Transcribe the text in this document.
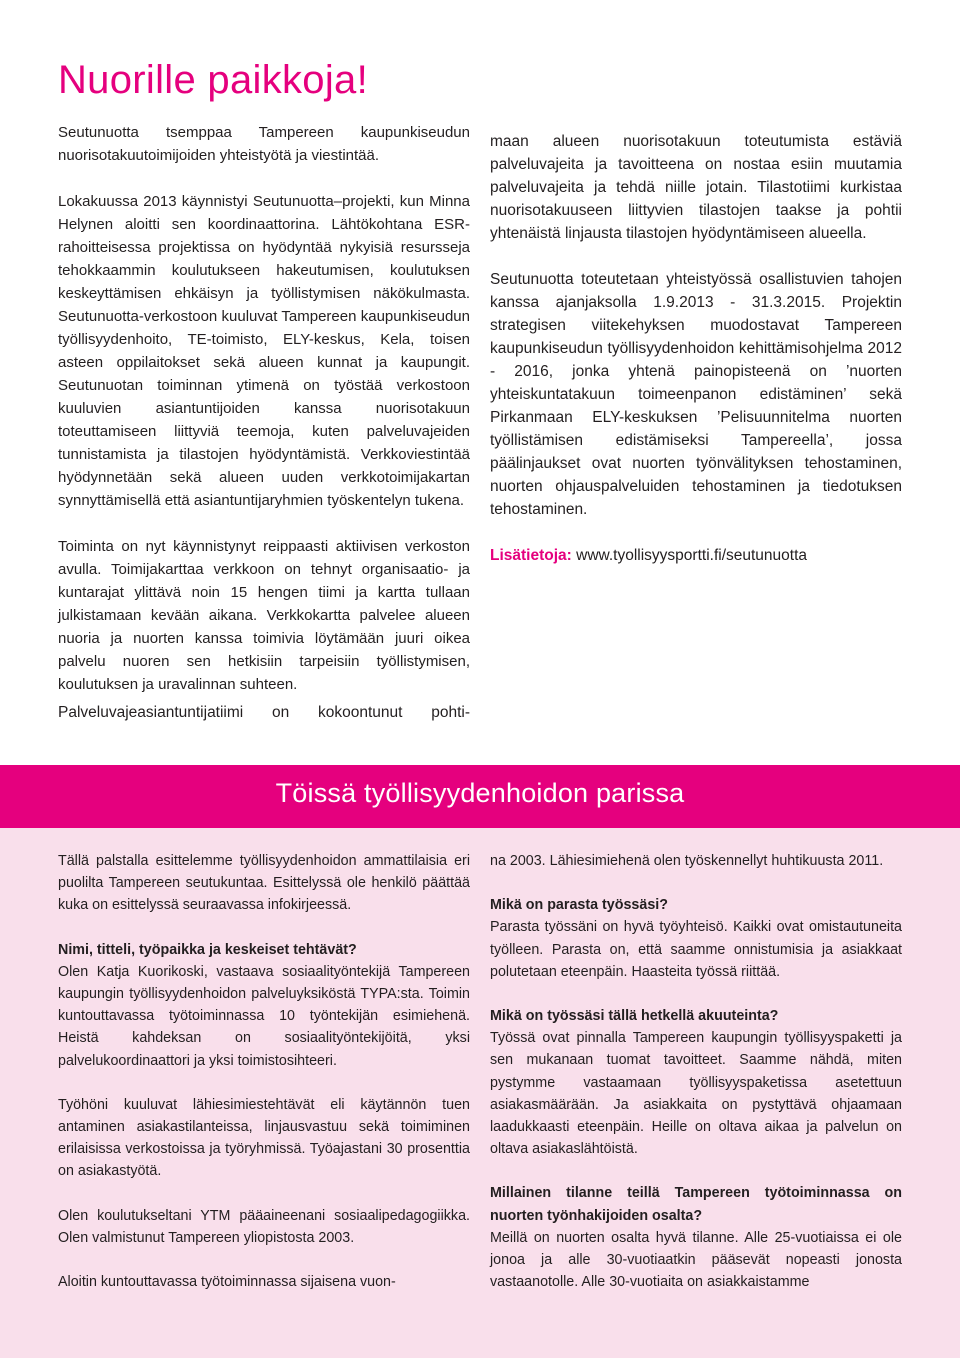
Nuorille paikkoja!

Seutunuotta tsemppaa Tampereen kaupunkiseudun nuorisotakuutoimijoiden yhteistyötä ja viestintää.

Lokakuussa 2013 käynnistyi Seutunuotta–projekti, kun Minna Helynen aloitti sen koordinaattorina. Lähtökohtana ESR-rahoitteisessa projektissa on hyödyntää nykyisiä resursseja tehokkaammin koulutukseen hakeutumisen, koulutuksen keskeyttämisen ehkäisyn ja työllistymisen näkökulmasta. Seutunuotta-verkostoon kuuluvat Tampereen kaupunkiseudun työllisyydenhoito, TE-toimisto, ELY-keskus, Kela, toisen asteen oppilaitokset sekä alueen kunnat ja kaupungit. Seutunuotan toiminnan ytimenä on työstää verkostoon kuuluvien asiantuntijoiden kanssa nuorisotakuun toteuttamiseen liittyviä teemoja, kuten palveluvajeiden tunnistamista ja tilastojen hyödyntämistä. Verkkoviestintää hyödynnetään sekä alueen uuden verkkotoimijakartan synnyttämisellä että asiantuntijaryhmien työskentelyn tukena.

Toiminta on nyt käynnistynyt reippaasti aktiivisen verkoston avulla. Toimijakarttaa verkkoon on tehnyt organisaatio- ja kuntarajat ylittävä noin 15 hengen tiimi ja kartta tullaan julkistamaan kevään aikana. Verkkokartta palvelee alueen nuoria ja nuorten kanssa toimivia löytämään juuri oikea palvelu nuoren sen hetkisiin tarpeisiin työllistymisen, koulutuksen ja uravalinnan suhteen.

Palveluvajeasiantuntijatiimi on kokoontunut pohti-

maan alueen nuorisotakuun toteutumista estäviä palveluvajeita ja tavoitteena on nostaa esiin muutamia palveluvajeita ja tehdä niille jotain. Tilastotiimi kurkistaa nuorisotakuuseen liittyvien tilastojen taakse ja pohtii yhtenäistä linjausta tilastojen hyödyntämiseen alueella.

Seutunuotta toteutetaan yhteistyössä osallistuvien tahojen kanssa ajanjaksolla 1.9.2013 - 31.3.2015. Projektin strategisen viitekehyksen muodostavat Tampereen kaupunkiseudun työllisyydenhoidon kehittämisohjelma 2012 - 2016, jonka yhtenä painopisteenä on ’nuorten yhteiskuntatakuun toimeenpanon edistäminen’ sekä Pirkanmaan ELY-keskuksen ’Pelisuunnitelma nuorten työllistämisen edistämiseksi Tampereella’, jossa päälinjaukset ovat nuorten työnvälityksen tehostaminen, nuorten ohjauspalveluiden tehostaminen ja tiedotuksen tehostaminen.

Lisätietoja: www.tyollisyysportti.fi/seutunuotta

Töissä työllisyydenhoidon parissa

Tällä palstalla esittelemme työllisyydenhoidon ammattilaisia eri puolilta Tampereen seutukuntaa. Esittelyssä ole henkilö päättää kuka on esittelyssä seuraavassa infokirjeessä.

Nimi, titteli, työpaikka ja keskeiset tehtävät?

Olen Katja Kuorikoski, vastaava sosiaalityöntekijä Tampereen kaupungin työllisyydenhoidon palveluyksiköstä TYPA:sta. Toimin kuntouttavassa työtoiminnassa 10 työntekijän esimiehenä. Heistä kahdeksan on sosiaalityöntekijöitä, yksi palvelukoordinaattori ja yksi toimistosihteeri.

Työhöni kuuluvat lähiesimiestehtävät eli käytännön tuen antaminen asiakastilanteissa, linjausvastuu sekä toimiminen erilaisissa verkostoissa ja työryhmissä. Työajastani 30 prosenttia on asiakastyötä.

Olen koulutukseltani YTM pääaineenani sosiaalipedagogiikka. Olen valmistunut Tampereen yliopistosta 2003.

Aloitin kuntouttavassa työtoiminnassa sijaisena vuon-

na 2003. Lähiesimiehenä olen työskennellyt huhtikuusta 2011.

Mikä on parasta työssäsi?

Parasta työssäni on hyvä työyhteisö. Kaikki ovat omistautuneita työlleen. Parasta on, että saamme onnistumisia ja asiakkaat polutetaan eteenpäin. Haasteita työssä riittää.

Mikä on työssäsi tällä hetkellä akuuteinta?

Työssä ovat pinnalla Tampereen kaupungin työllisyyspaketti ja sen mukanaan tuomat tavoitteet. Saamme nähdä, miten pystymme vastaamaan työllisyyspaketissa asetettuun asiakasmäärään. Ja asiakkaita on pystyttävä ohjaamaan laadukkaasti eteenpäin. Heille on oltava aikaa ja palvelun on oltava asiakaslähtöistä.

Millainen tilanne teillä Tampereen työtoiminnassa on nuorten työnhakijoiden osalta?

Meillä on nuorten osalta hyvä tilanne. Alle 25-vuotiaissa ei ole jonoa ja alle 30-vuotiaatkin pääsevät nopeasti jonosta vastaanotolle. Alle 30-vuotiaita on asiakkaistamme
